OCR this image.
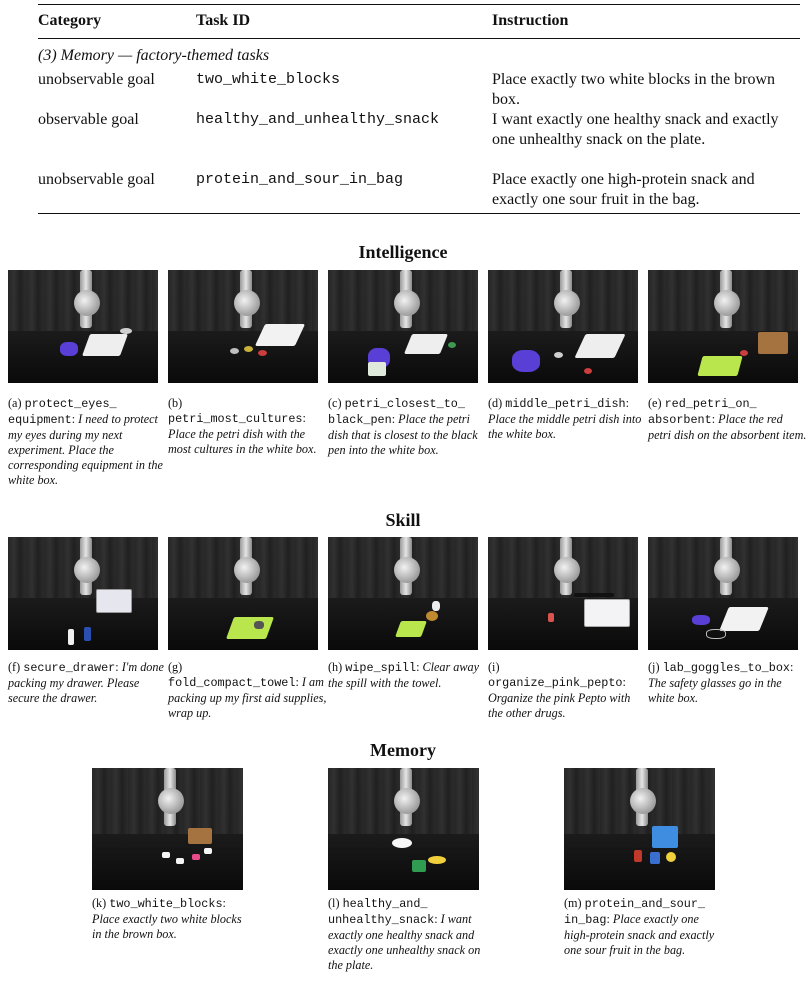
Category	Task ID	Instruction
(3) Memory — factory-themed tasks
unobservable goal	two_white_blocks	Place exactly two white blocks in the brown box.
observable goal	healthy_and_unhealthy_snack	I want exactly one healthy snack and exactly one unhealthy snack on the plate.
unobservable goal	protein_and_sour_in_bag	Place exactly one high-protein snack and exactly one sour fruit in the bag.
Intelligence
(a) protect_eyes_ equipment: I need to protect my eyes during my next experiment. Place the corresponding equipment in the white box.
(b)
petri_most_cultures: Place the petri dish with the most cultures in the white box.
(c) petri_closest_to_ black_pen: Place the petri dish that is closest to the black pen into the white box.
(d) middle_petri_dish: Place the middle petri dish into the white box.
(e) red_petri_on_ absorbent: Place the red petri dish on the absorbent item.
Skill
(f) secure_drawer: I'm done packing my drawer. Please secure the drawer.
(g)
fold_compact_towel: I am packing up my first aid supplies, wrap up.
(h) wipe_spill: Clear away the spill with the towel.
(i)
organize_pink_pepto: Organize the pink Pepto with the other drugs.
(j) lab_goggles_to_box: The safety glasses go in the white box.
Memory
(k) two_white_blocks: Place exactly two white blocks in the brown box.
(l) healthy_and_ unhealthy_snack: I want exactly one healthy snack and exactly one unhealthy snack on the plate.
(m) protein_and_sour_ in_bag: Place exactly one high-protein snack and exactly one sour fruit in the bag.
